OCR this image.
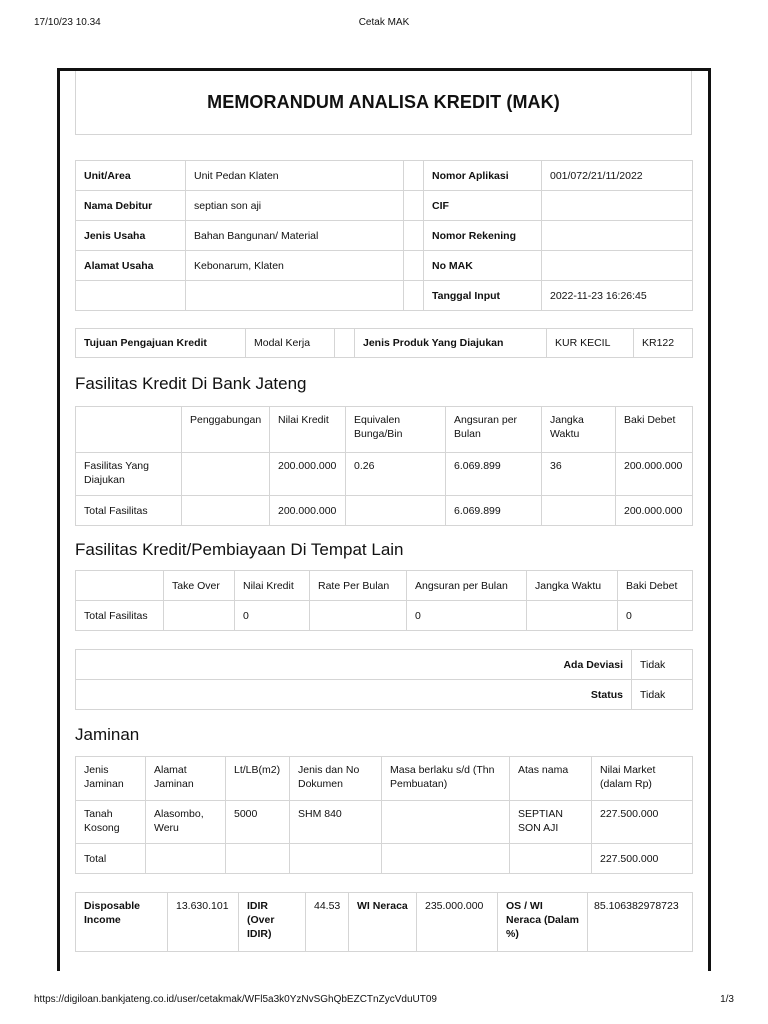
17/10/23 10.34	Cetak MAK
MEMORANDUM ANALISA KREDIT (MAK)
Unit/Area	Unit Pedan Klaten		Nomor Aplikasi	001/072/21/11/2022
Nama Debitur	septian son aji		CIF	
Jenis Usaha	Bahan Bangunan/ Material		Nomor Rekening	
Alamat Usaha	Kebonarum, Klaten		No MAK	
			Tanggal Input	2022-11-23 16:26:45
Tujuan Pengajuan Kredit	Modal Kerja		Jenis Produk Yang Diajukan	KUR KECIL	KR122
Fasilitas Kredit Di Bank Jateng
	Penggabungan	Nilai Kredit	Equivalen Bunga/Bin	Angsuran per Bulan	Jangka Waktu	Baki Debet
Fasilitas Yang Diajukan		200.000.000	0.26	6.069.899	36	200.000.000
Total Fasilitas		200.000.000		6.069.899		200.000.000
Fasilitas Kredit/Pembiayaan Di Tempat Lain
	Take Over	Nilai Kredit	Rate Per Bulan	Angsuran per Bulan	Jangka Waktu	Baki Debet
Total Fasilitas		0		0		0
Ada Deviasi	Tidak
Status	Tidak
Jaminan
Jenis Jaminan	Alamat Jaminan	Lt/LB(m2)	Jenis dan No Dokumen	Masa berlaku s/d (Thn Pembuatan)	Atas nama	Nilai Market (dalam Rp)
Tanah Kosong	Alasombo, Weru	5000	SHM 840		SEPTIAN SON AJI	227.500.000
Total						227.500.000
Disposable Income	13.630.101	IDIR (Over IDIR)	44.53	WI Neraca	235.000.000	OS / WI Neraca (Dalam %)	85.106382978723
https://digiloan.bankjateng.co.id/user/cetakmak/WFl5a3k0YzNvSGhQbEZCTnZycVduUT09	1/3
